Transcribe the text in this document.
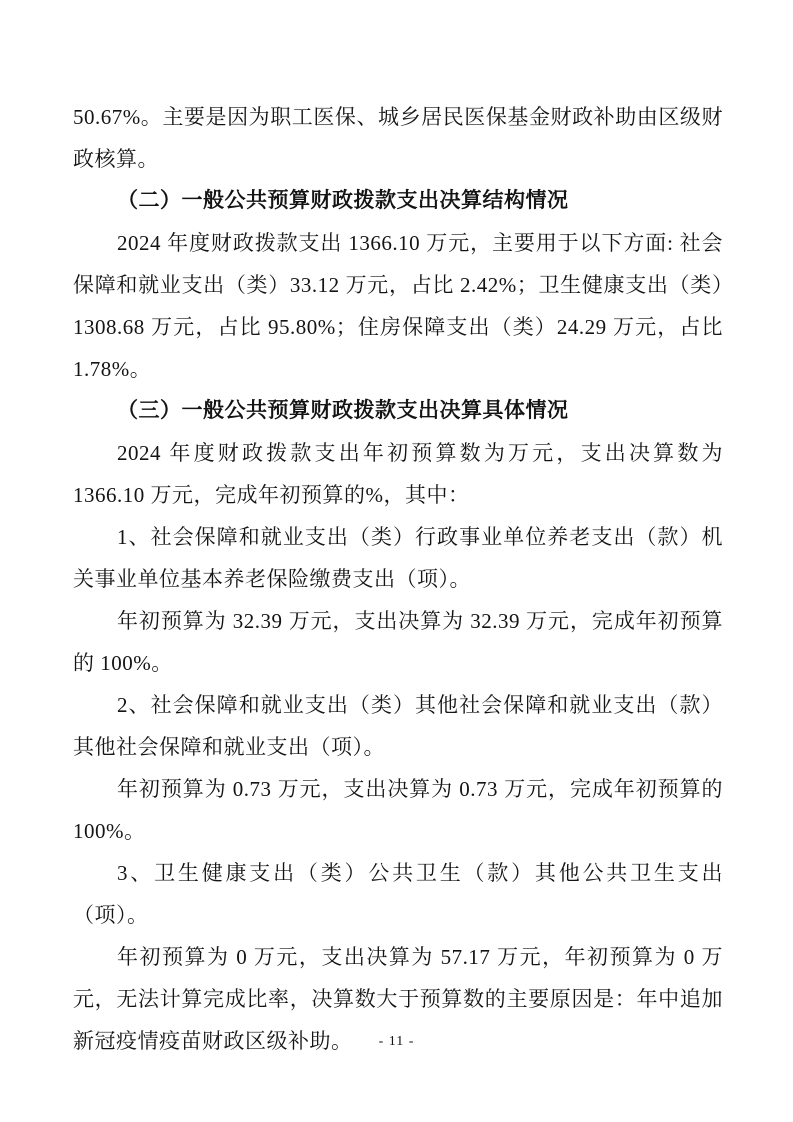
50.67%。主要是因为职工医保、城乡居民医保基金财政补助由区级财政核算。

（二）一般公共预算财政拨款支出决算结构情况

2024 年度财政拨款支出 1366.10 万元，主要用于以下方面: 社会保障和就业支出（类）33.12 万元，占比 2.42%；卫生健康支出（类）1308.68 万元，占比 95.80%；住房保障支出（类）24.29 万元，占比 1.78%。

（三）一般公共预算财政拨款支出决算具体情况

2024 年度财政拨款支出年初预算数为万元，支出决算数为 1366.10 万元，完成年初预算的%，其中：

1、社会保障和就业支出（类）行政事业单位养老支出（款）机关事业单位基本养老保险缴费支出（项）。

年初预算为 32.39 万元，支出决算为 32.39 万元，完成年初预算的 100%。

2、社会保障和就业支出（类）其他社会保障和就业支出（款）其他社会保障和就业支出（项）。

年初预算为 0.73 万元，支出决算为 0.73 万元，完成年初预算的 100%。

3、卫生健康支出（类）公共卫生（款）其他公共卫生支出（项）。

年初预算为 0 万元，支出决算为 57.17 万元，年初预算为 0 万元，无法计算完成比率，决算数大于预算数的主要原因是：年中追加新冠疫情疫苗财政区级补助。	- 11 -
